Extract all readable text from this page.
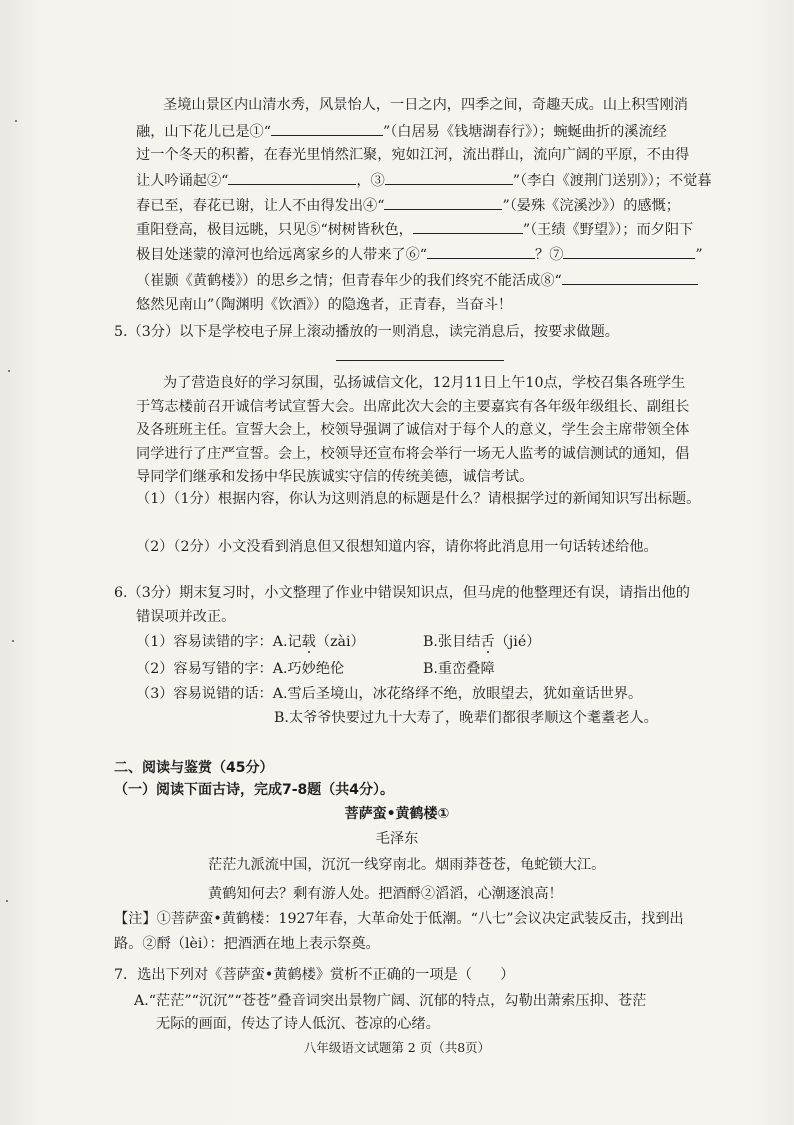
圣境山景区内山清水秀，风景怡人，一日之内，四季之间，奇趣天成。山上积雪刚消
融，山下花儿已是①“	”（白居易《钱塘湖春行》）；蜿蜒曲折的溪流经
过一个冬天的积蓄，在春光里悄然汇聚，宛如江河，流出群山，流向广阔的平原，不由得
让人吟诵起②“	，③	”（李白《渡荆门送别》）；不觉暮
春已至，春花已谢，让人不由得发出④“	”（晏殊《浣溪沙》）的感慨；
重阳登高，极目远眺，只见⑤“树树皆秋色，	”（王绩《野望》）；而夕阳下
极目处迷蒙的漳河也给远离家乡的人带来了⑥“	？⑦	”
（崔颢《黄鹤楼》）的思乡之情；但青春年少的我们终究不能活成⑧“
悠然见南山”（陶渊明《饮酒》）的隐逸者，正青春，当奋斗！
5.（3分）以下是学校电子屏上滚动播放的一则消息，读完消息后，按要求做题。
为了营造良好的学习氛围，弘扬诚信文化，12月11日上午10点，学校召集各班学生
于笃志楼前召开诚信考试宣誓大会。出席此次大会的主要嘉宾有各年级年级组长、副组长
及各班班主任。宣誓大会上，校领导强调了诚信对于每个人的意义，学生会主席带领全体
同学进行了庄严宣誓。会上，校领导还宣布将会举行一场无人监考的诚信测试的通知，倡
导同学们继承和发扬中华民族诚实守信的传统美德，诚信考试。
（1）（1分）根据内容，你认为这则消息的标题是什么？请根据学过的新闻知识写出标题。
（2）（2分）小文没看到消息但又很想知道内容，请你将此消息用一句话转述给他。
6.（3分）期末复习时，小文整理了作业中错误知识点，但马虎的他整理还有误，请指出他的
错误项并改正。
（1）容易读错的字：A.记载（zài）	B.张目结舌（jié）
（2）容易写错的字：A.巧妙绝伦	B.重峦叠障
（3）容易说错的话：A.雪后圣境山，冰花络绎不绝，放眼望去，犹如童话世界。
B.太爷爷快要过九十大寿了，晚辈们都很孝顺这个耄耋老人。
二、阅读与鉴赏（45分）
（一）阅读下面古诗，完成7-8题（共4分）。
菩萨蛮•黄鹤楼①
毛泽东
茫茫九派流中国，沉沉一线穿南北。烟雨莽苍苍，龟蛇锁大江。
黄鹤知何去？剩有游人处。把酒酹②滔滔，心潮逐浪高！
【注】①菩萨蛮•黄鹤楼：1927年春，大革命处于低潮。“八七”会议决定武装反击，找到出
路。②酹（lèi）：把酒洒在地上表示祭奠。
7．选出下列对《菩萨蛮•黄鹤楼》赏析不正确的一项是（　　）
A.“茫茫”“沉沉”“苍苍”叠音词突出景物广阔、沉郁的特点，勾勒出萧索压抑、苍茫
无际的画面，传达了诗人低沉、苍凉的心绪。
八年级语文试题第 2 页（共8页）
